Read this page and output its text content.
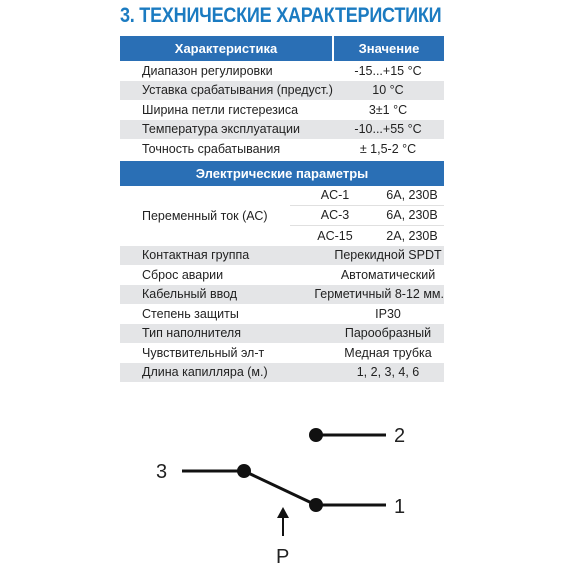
3. ТЕХНИЧЕСКИЕ ХАРАКТЕРИСТИКИ
Характеристика	Значение
Диапазон регулировки	-15...+15 °C
Уставка срабатывания (предуст.)	10 °C
Ширина петли гистерезиса	3±1 °C
Температура эксплуатации	-10...+55 °C
Точность срабатывания	± 1,5-2 °C
Электрические параметры
Переменный ток (АС)
AC-1	6A, 230B
AC-3	6A, 230B
AC-15	2A, 230B
Контактная группа	Перекидной SPDT
Сброс аварии	Автоматический
Кабельный ввод	Герметичный 8-12 мм.
Степень защиты	IP30
Тип наполнителя	Парообразный
Чувствительный эл-т	Медная трубка
Длина капилляра (м.)	1, 2, 3, 4, 6
3
2
1
P
